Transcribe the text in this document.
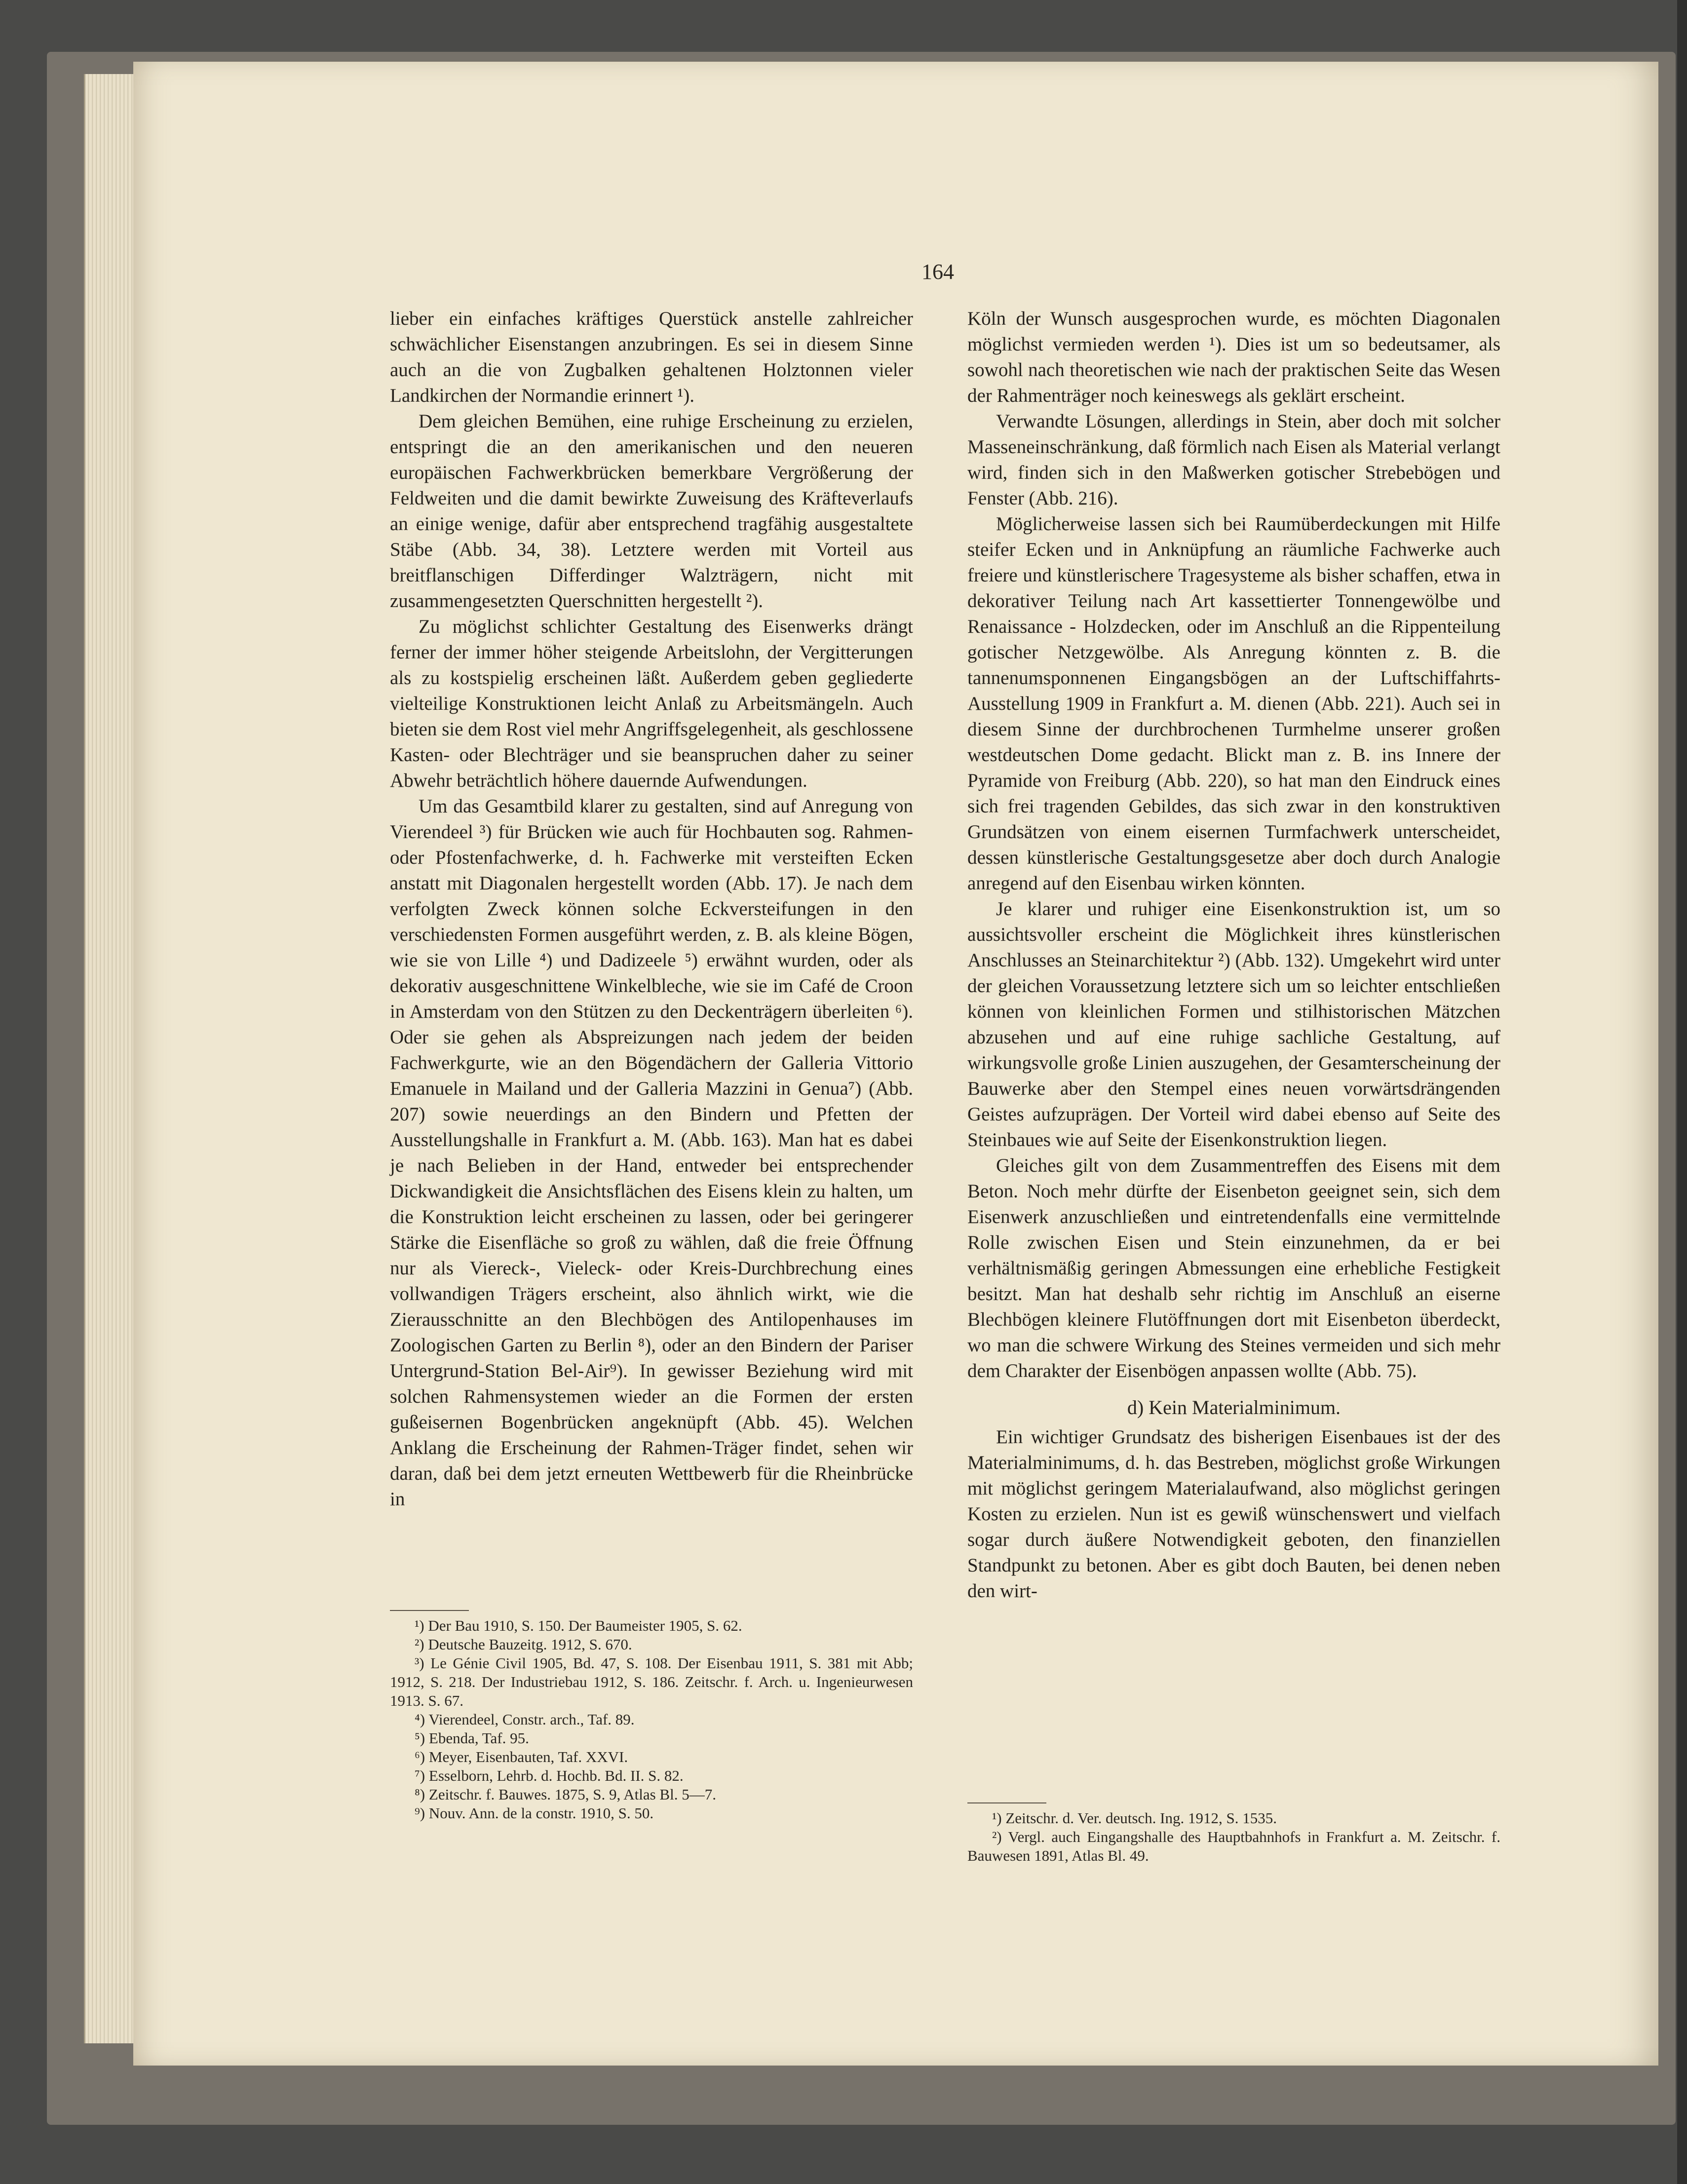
164

lieber ein einfaches kräftiges Querstück anstelle zahlreicher schwächlicher Eisenstangen anzubringen. Es sei in diesem Sinne auch an die von Zugbalken gehaltenen Holztonnen vieler Landkirchen der Normandie erinnert ¹).

Dem gleichen Bemühen, eine ruhige Erscheinung zu erzielen, entspringt die an den amerikanischen und den neueren europäischen Fachwerkbrücken bemerkbare Vergrößerung der Feldweiten und die damit bewirkte Zuweisung des Kräfteverlaufs an einige wenige, dafür aber entsprechend tragfähig ausgestaltete Stäbe (Abb. 34, 38). Letztere werden mit Vorteil aus breitflanschigen Differdinger Walzträgern, nicht mit zusammengesetzten Querschnitten hergestellt ²).

Zu möglichst schlichter Gestaltung des Eisenwerks drängt ferner der immer höher steigende Arbeitslohn, der Vergitterungen als zu kostspielig erscheinen läßt. Außerdem geben gegliederte vielteilige Konstruktionen leicht Anlaß zu Arbeitsmängeln. Auch bieten sie dem Rost viel mehr Angriffsgelegenheit, als geschlossene Kasten- oder Blechträger und sie beanspruchen daher zu seiner Abwehr beträchtlich höhere dauernde Aufwendungen.

Um das Gesamtbild klarer zu gestalten, sind auf Anregung von Vierendeel ³) für Brücken wie auch für Hochbauten sog. Rahmen- oder Pfostenfachwerke, d. h. Fachwerke mit versteiften Ecken anstatt mit Diagonalen hergestellt worden (Abb. 17). Je nach dem verfolgten Zweck können solche Eckversteifungen in den verschiedensten Formen ausgeführt werden, z. B. als kleine Bögen, wie sie von Lille ⁴) und Dadizeele ⁵) erwähnt wurden, oder als dekorativ ausgeschnittene Winkelbleche, wie sie im Café de Croon in Amsterdam von den Stützen zu den Deckenträgern überleiten ⁶). Oder sie gehen als Abspreizungen nach jedem der beiden Fachwerkgurte, wie an den Bögendächern der Galleria Vittorio Emanuele in Mailand und der Galleria Mazzini in Genua⁷) (Abb. 207) sowie neuerdings an den Bindern und Pfetten der Ausstellungshalle in Frankfurt a. M. (Abb. 163). Man hat es dabei je nach Belieben in der Hand, entweder bei entsprechender Dickwandigkeit die Ansichtsflächen des Eisens klein zu halten, um die Konstruktion leicht erscheinen zu lassen, oder bei geringerer Stärke die Eisenfläche so groß zu wählen, daß die freie Öffnung nur als Viereck-, Vieleck- oder Kreis-Durchbrechung eines vollwandigen Trägers erscheint, also ähnlich wirkt, wie die Zierausschnitte an den Blechbögen des Antilopenhauses im Zoologischen Garten zu Berlin ⁸), oder an den Bindern der Pariser Untergrund-Station Bel-Air⁹). In gewisser Beziehung wird mit solchen Rahmensystemen wieder an die Formen der ersten gußeisernen Bogenbrücken angeknüpft (Abb. 45). Welchen Anklang die Erscheinung der Rahmen-Träger findet, sehen wir daran, daß bei dem jetzt erneuten Wettbewerb für die Rheinbrücke in

¹) Der Bau 1910, S. 150. Der Baumeister 1905, S. 62.

²) Deutsche Bauzeitg. 1912, S. 670.

³) Le Génie Civil 1905, Bd. 47, S. 108. Der Eisenbau 1911, S. 381 mit Abb; 1912, S. 218. Der Industriebau 1912, S. 186. Zeitschr. f. Arch. u. Ingenieurwesen 1913. S. 67.

⁴) Vierendeel, Constr. arch., Taf. 89.

⁵) Ebenda, Taf. 95.

⁶) Meyer, Eisenbauten, Taf. XXVI.

⁷) Esselborn, Lehrb. d. Hochb. Bd. II. S. 82.

⁸) Zeitschr. f. Bauwes. 1875, S. 9, Atlas Bl. 5—7.

⁹) Nouv. Ann. de la constr. 1910, S. 50.

Köln der Wunsch ausgesprochen wurde, es möchten Diagonalen möglichst vermieden werden ¹). Dies ist um so bedeutsamer, als sowohl nach theoretischen wie nach der praktischen Seite das Wesen der Rahmenträger noch keineswegs als geklärt erscheint.

Verwandte Lösungen, allerdings in Stein, aber doch mit solcher Masseneinschränkung, daß förmlich nach Eisen als Material verlangt wird, finden sich in den Maßwerken gotischer Strebebögen und Fenster (Abb. 216).

Möglicherweise lassen sich bei Raumüberdeckungen mit Hilfe steifer Ecken und in Anknüpfung an räumliche Fachwerke auch freiere und künstlerischere Tragesysteme als bisher schaffen, etwa in dekorativer Teilung nach Art kassettierter Tonnengewölbe und Renaissance - Holzdecken, oder im Anschluß an die Rippenteilung gotischer Netzgewölbe. Als Anregung könnten z. B. die tannenumsponnenen Eingangsbögen an der Luftschiffahrts-Ausstellung 1909 in Frankfurt a. M. dienen (Abb. 221). Auch sei in diesem Sinne der durchbrochenen Turmhelme unserer großen westdeutschen Dome gedacht. Blickt man z. B. ins Innere der Pyramide von Freiburg (Abb. 220), so hat man den Eindruck eines sich frei tragenden Gebildes, das sich zwar in den konstruktiven Grundsätzen von einem eisernen Turmfachwerk unterscheidet, dessen künstlerische Gestaltungsgesetze aber doch durch Analogie anregend auf den Eisenbau wirken könnten.

Je klarer und ruhiger eine Eisenkonstruktion ist, um so aussichtsvoller erscheint die Möglichkeit ihres künstlerischen Anschlusses an Steinarchitektur ²) (Abb. 132). Umgekehrt wird unter der gleichen Voraussetzung letztere sich um so leichter entschließen können von kleinlichen Formen und stilhistorischen Mätzchen abzusehen und auf eine ruhige sachliche Gestaltung, auf wirkungsvolle große Linien auszugehen, der Gesamterscheinung der Bauwerke aber den Stempel eines neuen vorwärtsdrängenden Geistes aufzuprägen. Der Vorteil wird dabei ebenso auf Seite des Steinbaues wie auf Seite der Eisenkonstruktion liegen.

Gleiches gilt von dem Zusammentreffen des Eisens mit dem Beton. Noch mehr dürfte der Eisenbeton geeignet sein, sich dem Eisenwerk anzuschließen und eintretendenfalls eine vermittelnde Rolle zwischen Eisen und Stein einzunehmen, da er bei verhältnismäßig geringen Abmessungen eine erhebliche Festigkeit besitzt. Man hat deshalb sehr richtig im Anschluß an eiserne Blechbögen kleinere Flutöffnungen dort mit Eisenbeton überdeckt, wo man die schwere Wirkung des Steines vermeiden und sich mehr dem Charakter der Eisenbögen anpassen wollte (Abb. 75).

d) Kein Materialminimum.

Ein wichtiger Grundsatz des bisherigen Eisenbaues ist der des Materialminimums, d. h. das Bestreben, möglichst große Wirkungen mit möglichst geringem Materialaufwand, also möglichst geringen Kosten zu erzielen. Nun ist es gewiß wünschenswert und vielfach sogar durch äußere Notwendigkeit geboten, den finanziellen Standpunkt zu betonen. Aber es gibt doch Bauten, bei denen neben den wirt-

¹) Zeitschr. d. Ver. deutsch. Ing. 1912, S. 1535.

²) Vergl. auch Eingangshalle des Hauptbahnhofs in Frankfurt a. M. Zeitschr. f. Bauwesen 1891, Atlas Bl. 49.
